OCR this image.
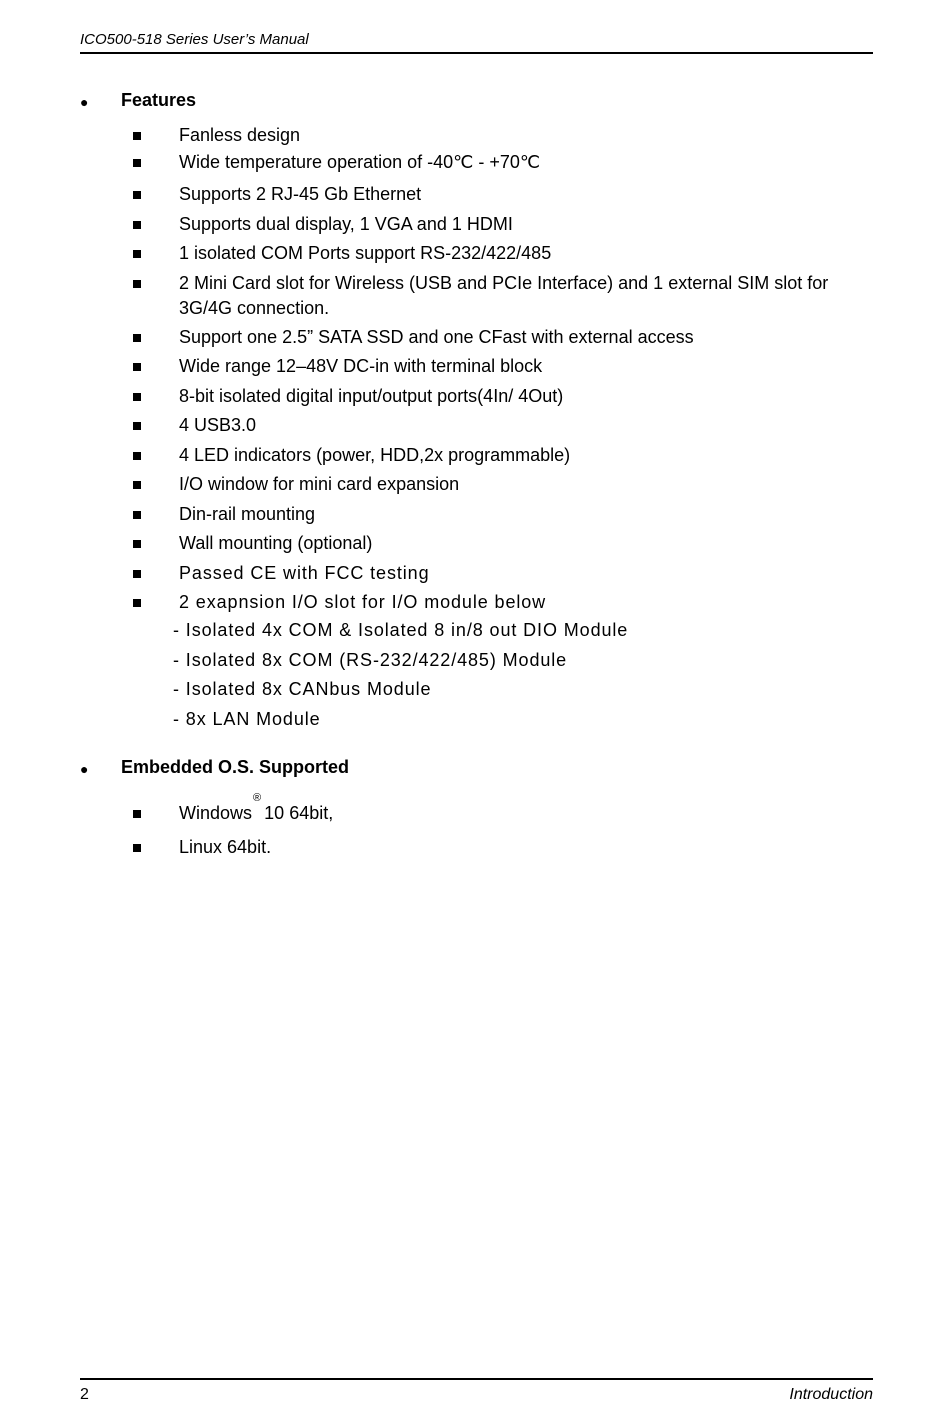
ICO500-518 Series User’s Manual
● Features
Fanless design
Wide temperature operation of -40℃ - +70℃
Supports 2 RJ-45 Gb Ethernet
Supports dual display, 1 VGA and 1 HDMI
1 isolated COM Ports support RS-232/422/485
2 Mini Card slot for Wireless (USB and PCIe Interface) and 1 external SIM slot for 3G/4G connection.
Support one 2.5” SATA SSD and one CFast with external access
Wide range 12–48V DC-in with terminal block
8-bit isolated digital input/output ports(4In/ 4Out)
4 USB3.0
4 LED indicators (power, HDD,2x programmable)
I/O window for mini card expansion
Din-rail mounting
Wall mounting (optional)
Passed CE with FCC testing
2 exapnsion I/O slot for I/O module below
- Isolated 4x COM & Isolated 8 in/8 out DIO Module
- Isolated 8x COM (RS-232/422/485) Module
- Isolated 8x CANbus Module
- 8x LAN Module
● Embedded O.S. Supported
Windows ® 10 64bit,
Linux 64bit.
2	Introduction
